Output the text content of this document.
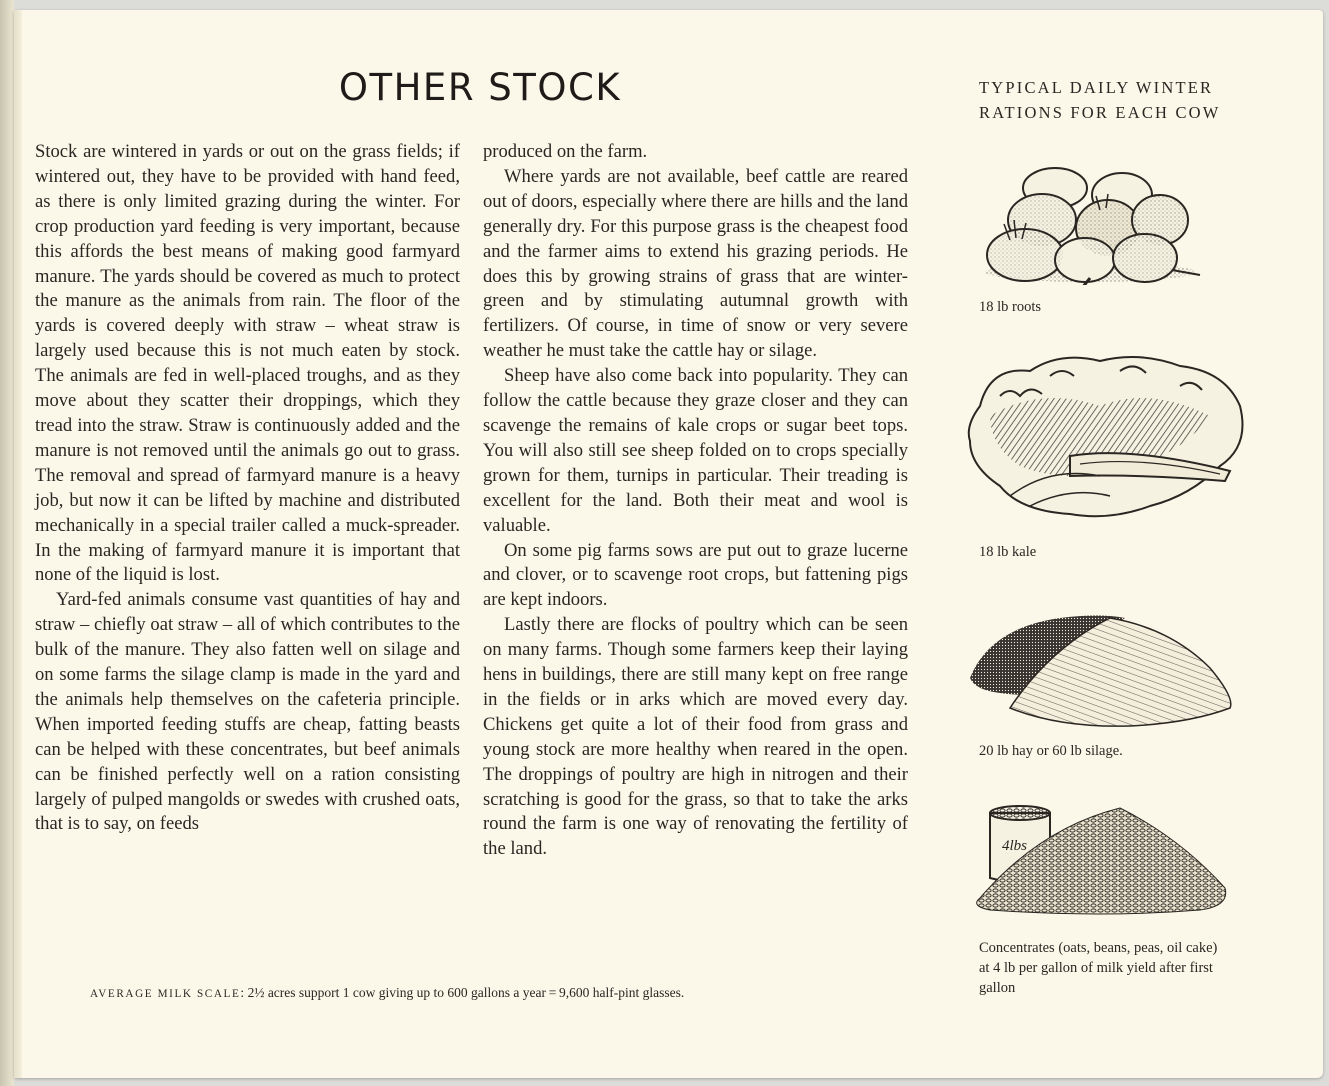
OTHER STOCK

Stock are wintered in yards or out on the grass fields; if wintered out, they have to be provided with hand feed, as there is only limited grazing during the winter. For crop production yard feeding is very important, because this affords the best means of making good farmyard manure. The yards should be covered as much to protect the manure as the animals from rain. The floor of the yards is covered deeply with straw – wheat straw is largely used because this is not much eaten by stock. The animals are fed in well-placed troughs, and as they move about they scatter their droppings, which they tread into the straw. Straw is continuously added and the manure is not removed until the animals go out to grass. The removal and spread of farmyard manure is a heavy job, but now it can be lifted by machine and distributed mechanically in a special trailer called a muck-spreader. In the making of farmyard manure it is important that none of the liquid is lost.

Yard-fed animals consume vast quantities of hay and straw – chiefly oat straw – all of which contributes to the bulk of the manure. They also fatten well on silage and on some farms the silage clamp is made in the yard and the animals help themselves on the cafeteria principle. When imported feeding stuffs are cheap, fatting beasts can be helped with these concentrates, but beef animals can be finished perfectly well on a ration consisting largely of pulped mangolds or swedes with crushed oats, that is to say, on feeds

produced on the farm.

Where yards are not available, beef cattle are reared out of doors, especially where there are hills and the land generally dry. For this purpose grass is the cheapest food and the farmer aims to extend his grazing periods. He does this by growing strains of grass that are winter-green and by stimulating autumnal growth with fertilizers. Of course, in time of snow or very severe weather he must take the cattle hay or silage.

Sheep have also come back into popularity. They can follow the cattle because they graze closer and they can scavenge the remains of kale crops or sugar beet tops. You will also still see sheep folded on to crops specially grown for them, turnips in particular. Their treading is excellent for the land. Both their meat and wool is valuable.

On some pig farms sows are put out to graze lucerne and clover, or to scavenge root crops, but fattening pigs are kept indoors.

Lastly there are flocks of poultry which can be seen on many farms. Though some farmers keep their laying hens in buildings, there are still many kept on free range in the fields or in arks which are moved every day. Chickens get quite a lot of their food from grass and young stock are more healthy when reared in the open. The droppings of poultry are high in nitrogen and their scratching is good for the grass, so that to take the arks round the farm is one way of renovating the fertility of the land.

AVERAGE MILK SCALE: 2½ acres support 1 cow giving up to 600 gallons a year = 9,600 half-pint glasses.
TYPICAL DAILY WINTER RATIONS FOR EACH COW
18 lb roots
18 lb kale
20 lb hay or 60 lb silage.
4lbs
Concentrates (oats, beans, peas, oil cake) at 4 lb per gallon of milk yield after first gallon
